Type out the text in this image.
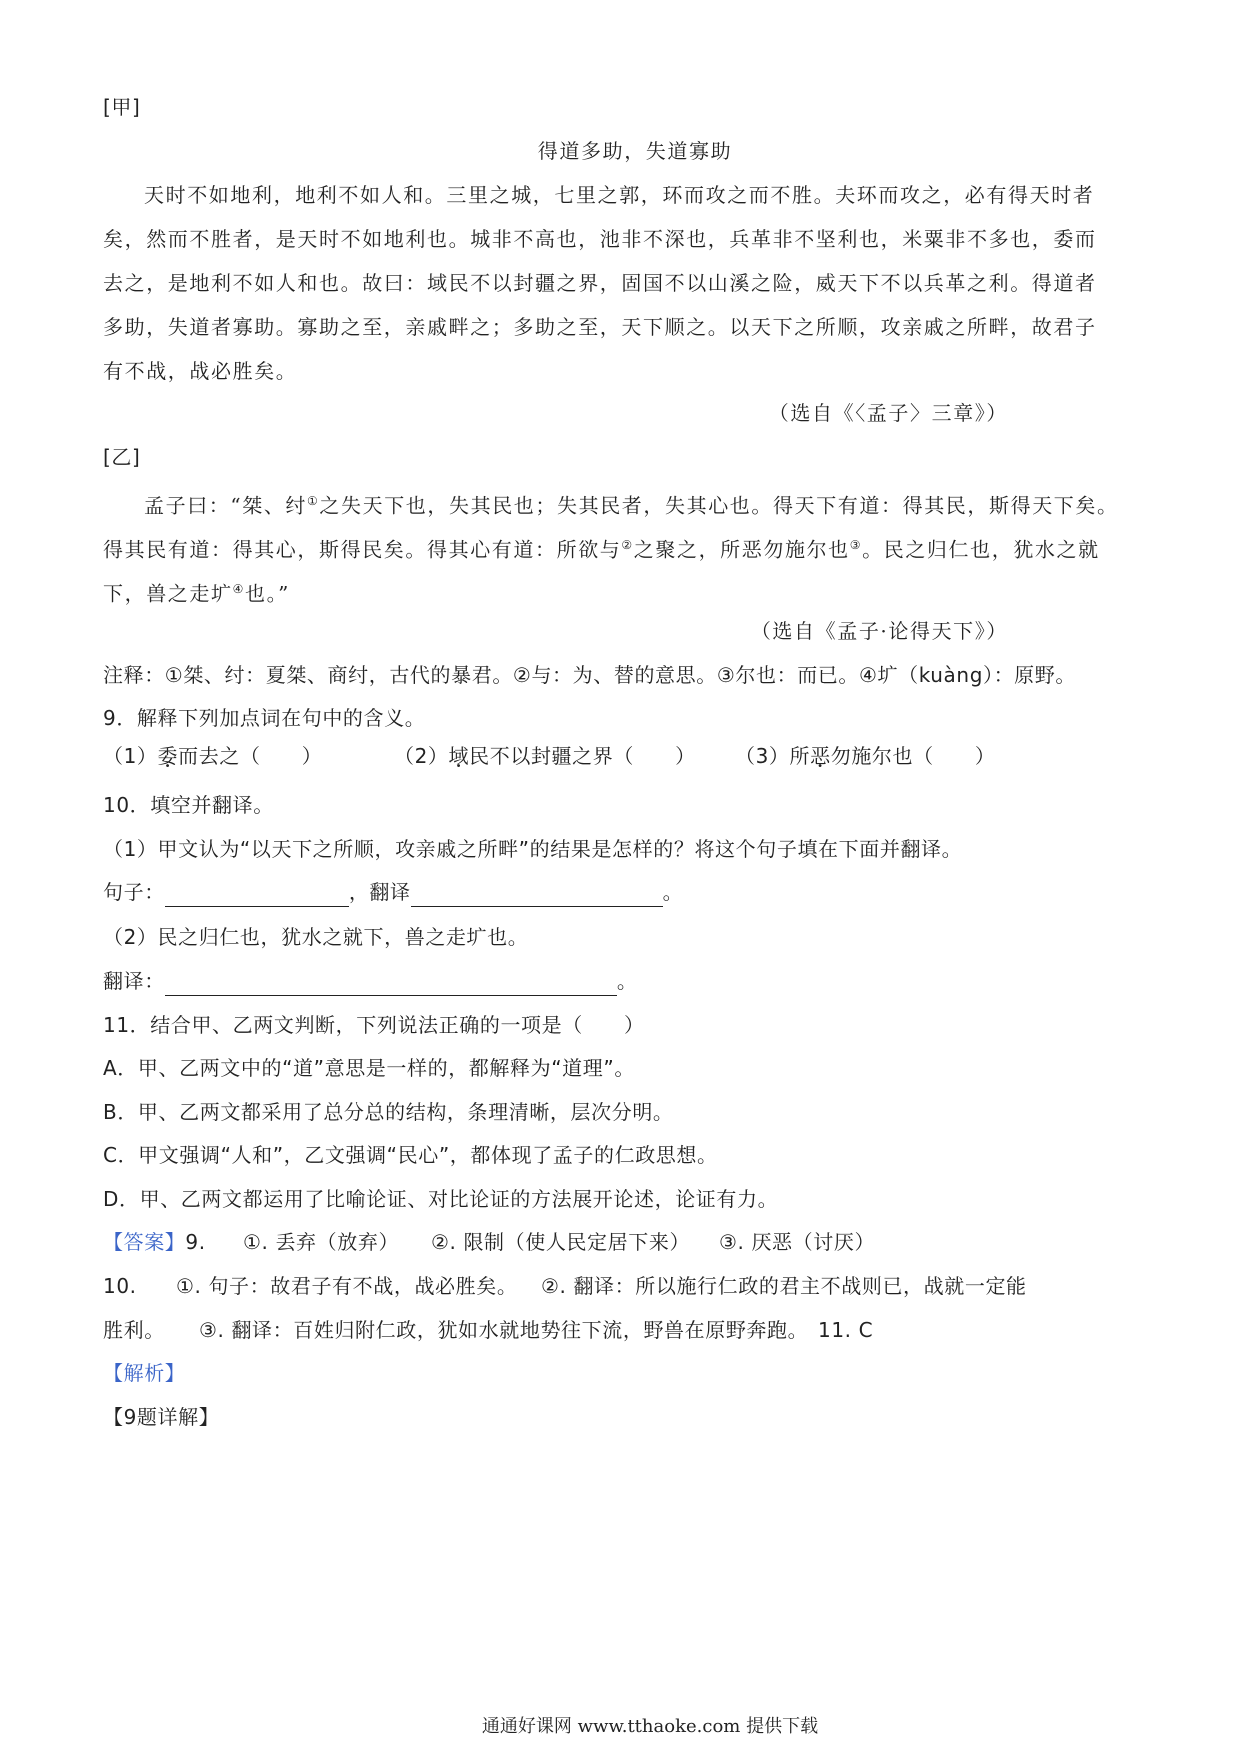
[甲]
得道多助，失道寡助
天时不如地利，地利不如人和。三里之城，七里之郭，环而攻之而不胜。夫环而攻之，必有得天时者
矣，然而不胜者，是天时不如地利也。城非不高也，池非不深也，兵革非不坚利也，米粟非不多也，委而
去之，是地利不如人和也。故曰：域民不以封疆之界，固国不以山溪之险，威天下不以兵革之利。得道者
多助，失道者寡助。寡助之至，亲戚畔之；多助之至，天下顺之。以天下之所顺，攻亲戚之所畔，故君子
有不战，战必胜矣。
（选自《〈孟子〉三章》）
[乙]
孟子曰：“桀、纣①之失天下也，失其民也；失其民者，失其心也。得天下有道：得其民，斯得天下矣。
得其民有道：得其心，斯得民矣。得其心有道：所欲与②之聚之，所恶勿施尔也③。民之归仁也，犹水之就
下，兽之走圹④也。”
（选自《孟子·论得天下》）
注释：①桀、纣：夏桀、商纣，古代的暴君。②与：为、替的意思。③尔也：而已。④圹（kuàng）：原野。
9．解释下列加点词在句中的含义。
（1）委而去之（　　）	（2）域民不以封疆之界（　　） （3）所恶勿施尔也（　　）
10．填空并翻译。
（1）甲文认为“以天下之所顺，攻亲戚之所畔”的结果是怎样的？将这个句子填在下面并翻译。
句子：	，翻译	。
（2）民之归仁也，犹水之就下，兽之走圹也。
翻译：	。
11．结合甲、乙两文判断，下列说法正确的一项是（　　）
A．甲、乙两文中的“道”意思是一样的，都解释为“道理”。
B．甲、乙两文都采用了总分总的结构，条理清晰，层次分明。
C．甲文强调“人和”，乙文强调“民心”，都体现了孟子的仁政思想。
D．甲、乙两文都运用了比喻论证、对比论证的方法展开论述，论证有力。
【答案】9. ①. 丢弃（放弃） ②. 限制（使人民定居下来） ③. 厌恶（讨厌）
10. ①. 句子：故君子有不战，战必胜矣。 ②. 翻译：所以施行仁政的君主不战则已，战就一定能
胜利。 ③. 翻译：百姓归附仁政，犹如水就地势往下流，野兽在原野奔跑。 11. C
【解析】
【9题详解】
通通好课网 www.tthaoke.com 提供下载
